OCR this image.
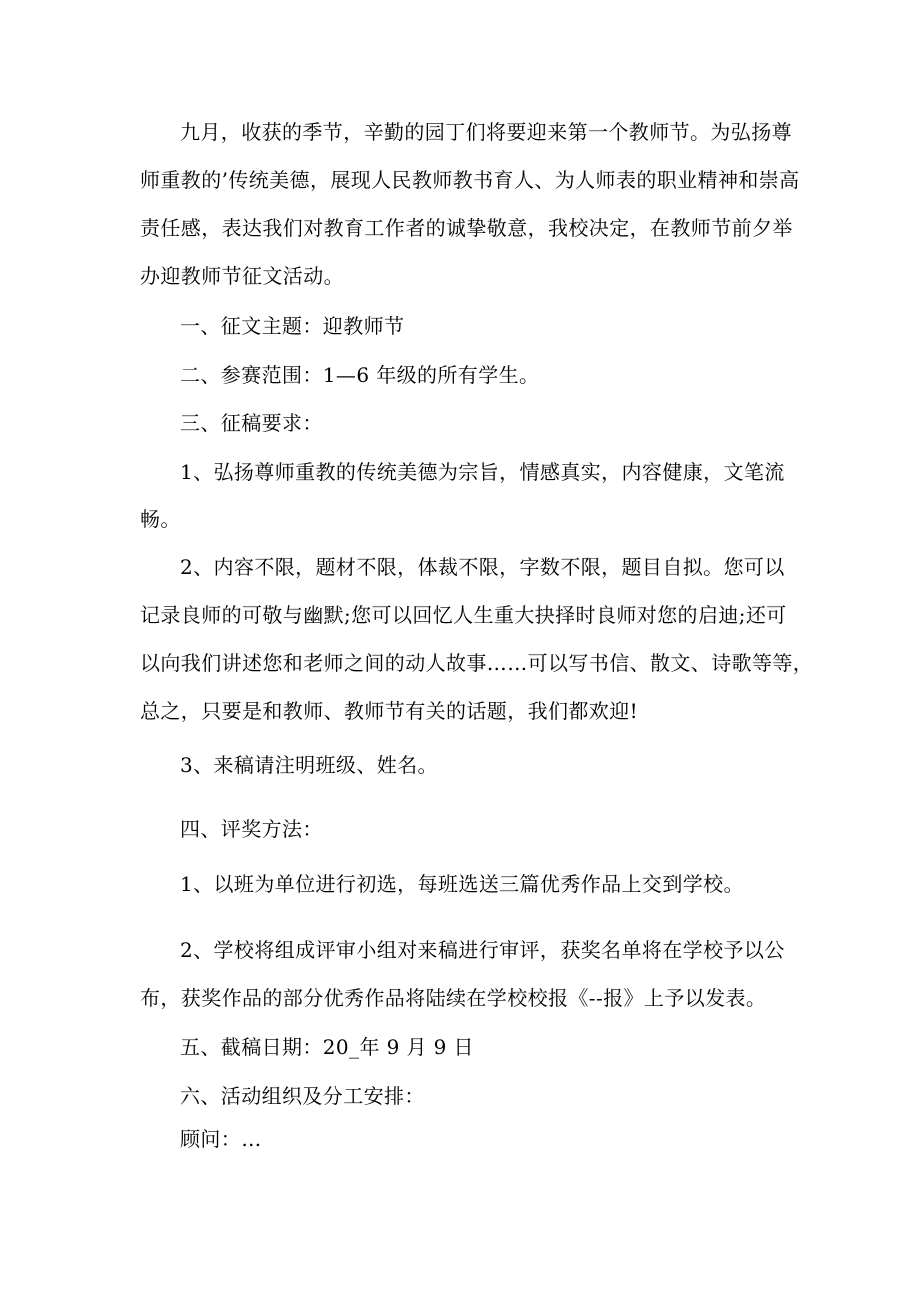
九月，收获的季节，辛勤的园丁们将要迎来第一个教师节。为弘扬尊
师重教的’传统美德，展现人民教师教书育人、为人师表的职业精神和崇高
责任感，表达我们对教育工作者的诚挚敬意，我校决定，在教师节前夕举
办迎教师节征文活动。
一、征文主题：迎教师节
二、参赛范围：1—6 年级的所有学生。
三、征稿要求：
1、弘扬尊师重教的传统美德为宗旨，情感真实，内容健康，文笔流
畅。
2、内容不限，题材不限，体裁不限，字数不限，题目自拟。您可以
记录良师的可敬与幽默;您可以回忆人生重大抉择时良师对您的启迪;还可
以向我们讲述您和老师之间的动人故事……可以写书信、散文、诗歌等等，
总之，只要是和教师、教师节有关的话题，我们都欢迎!
3、来稿请注明班级、姓名。
四、评奖方法：
1、以班为单位进行初选，每班选送三篇优秀作品上交到学校。
2、学校将组成评审小组对来稿进行审评，获奖名单将在学校予以公
布，获奖作品的部分优秀作品将陆续在学校校报《--报》上予以发表。
五、截稿日期：20_年 9 月 9 日
六、活动组织及分工安排：
顾问：…
